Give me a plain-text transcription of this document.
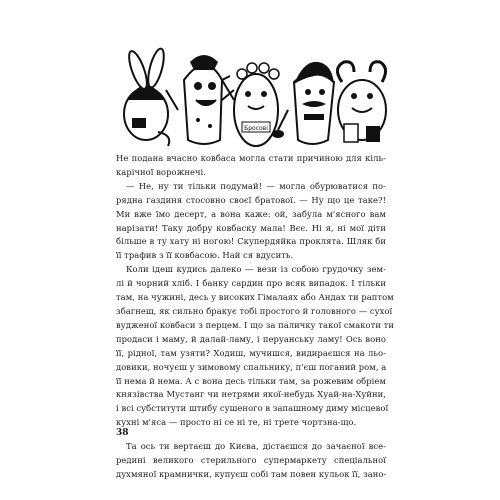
Бросові

Не подана вчасно ковбаса могла стати причиною для кіль-

карічної ворожнечі.

— Не, ну ти тільки подумай! — могла обурюватися по-

рядна газдиня стосовно своєї братової. — Ну що це таке?!

Ми вже їмо десерт, а вона каже: ой, забула м'ясного вам

нарізати! Таку добру ковбаску мала! Вєє. Ні я, ні мої діти

більше в ту хату ні ногою! Скупердяйка проклята. Шляк би

її трафив з її ковбасою. Най ся вдусить.

Коли ідеш кудись далеко — вези із собою грудочку зем-

лі й чорний хліб. І банку сардин про всяк випадок. І тільки

там, на чужині, десь у високих Гімалаях або Андах ти раптом

збагнеш, як сильно бракує тобі простого й головного — сухої

вудженої ковбаси з перцем. І що за паличку такої смакоти ти

продаси і маму, й далай-ламу, і перуанську ламу! Ось воно

її, рідної, там узяти? Ходиш, мучишся, видираєшся на льо-

довики, ночуєш у зимовому спальнику, п'єш поганий ром, а

її нема й нема. А с вона десь тільки там, за рожевим обріем

князівства Мустанг чи нетрями якої-небудь Хуай-на-Хуйни,

і всі субститути штибу сушеного в запашному диму місцевої

кухні м'яса — просто ні се ні те, ні трете чортзна-що.

Та ось ти вертаєш до Києва, дістаєшся до зачаєної все-

редині великого стерильного супермаркету спеціальної

духмяної крамнички, купуєш собі там повен кульок її, зано-

38
